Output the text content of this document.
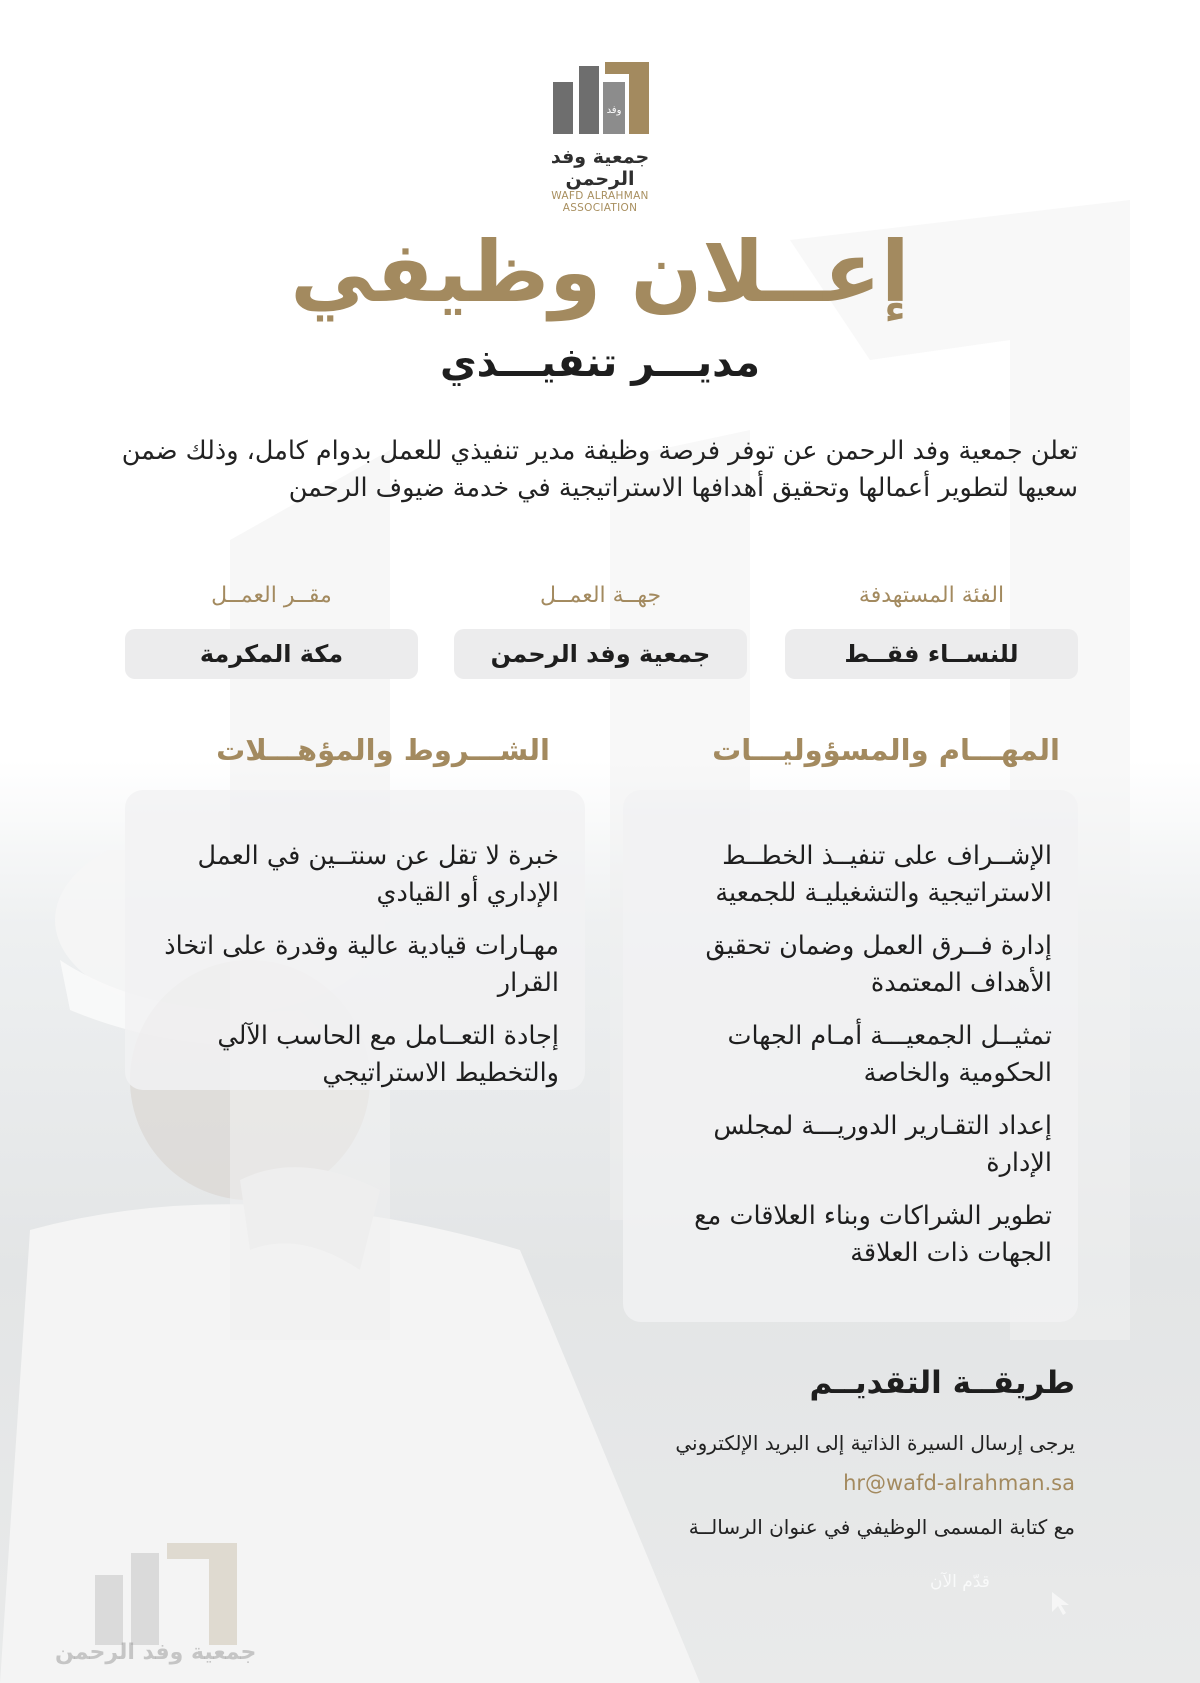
وفد
جمعية وفد الرحمن
WAFD ALRAHMAN ASSOCIATION
إعــلان وظيفي
مديـــر تنفيـــذي
تعلن جمعية وفد الرحمن عن توفر فرصة وظيفة مدير تنفيذي للعمل بدوام كامل، وذلك ضمن سعيها لتطوير أعمالها وتحقيق أهدافها الاستراتيجية في خدمة ضيوف الرحمن
الفئة المستهدفة
للنســاء فقــط
جهــة العمــل
جمعية وفد الرحمن
مقــر العمــل
مكة المكرمة
المهـــام والمسؤوليـــات
الإشــراف على تنفيــذ الخطــط الاستراتيجية والتشغيليـة للجمعية
إدارة فــرق العمل وضمان تحقيق الأهداف المعتمدة
تمثيــل الجمعيـــة أمـام الجهات الحكومية والخاصة
إعداد التقـارير الدوريـــة لمجلس الإدارة
تطوير الشراكات وبناء العلاقات مع الجهات ذات العلاقة
الشـــروط والمؤهـــلات
خبرة لا تقل عن سنتــين في العمل الإداري أو القيادي
مهـارات قيادية عالية وقدرة على اتخاذ القرار
إجادة التعــامل مع الحاسب الآلي والتخطيط الاستراتيجي
طريقــة التقديــم
يرجى إرسال السيرة الذاتية إلى البريد الإلكتروني
hr@wafd-alrahman.sa
مع كتابة المسمى الوظيفي في عنوان الرسالــة
قدّم الآن
جمعية وفد الرحمن
